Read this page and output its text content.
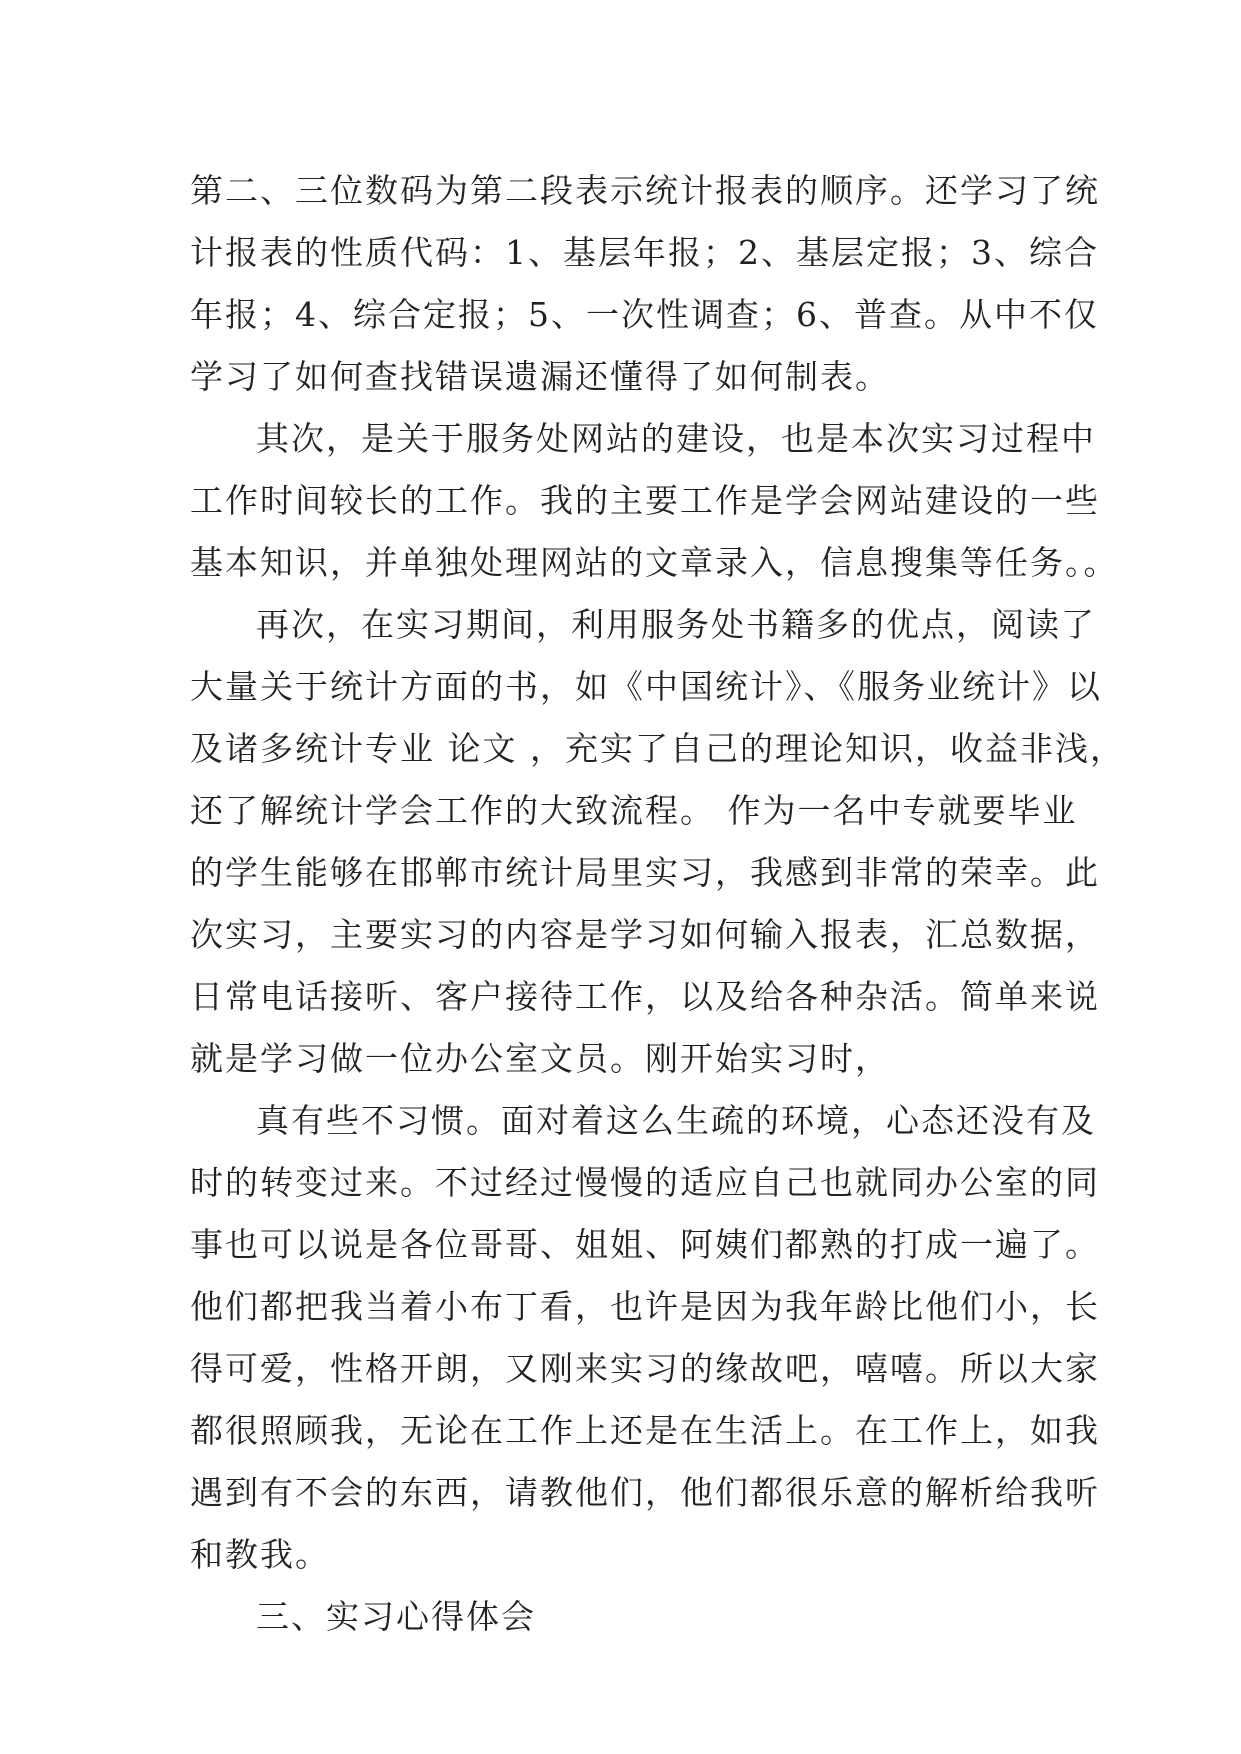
第二、三位数码为第二段表示统计报表的顺序。还学习了统
计报表的性质代码：1、基层年报；2、基层定报；3、综合
年报；4、综合定报；5、一次性调查；6、普查。从中不仅
学习了如何查找错误遗漏还懂得了如何制表。
其次，是关于服务处网站的建设，也是本次实习过程中
工作时间较长的工作。我的主要工作是学会网站建设的一些
基本知识，并单独处理网站的文章录入，信息搜集等任务。。
再次，在实习期间，利用服务处书籍多的优点，阅读了
大量关于统计方面的书，如《中国统计》、《服务业统计》以
及诸多统计专业 论文 ，充实了自己的理论知识，收益非浅，
还了解统计学会工作的大致流程。 作为一名中专就要毕业
的学生能够在邯郸市统计局里实习，我感到非常的荣幸。此
次实习，主要实习的内容是学习如何输入报表，汇总数据，
日常电话接听、客户接待工作，以及给各种杂活。简单来说
就是学习做一位办公室文员。刚开始实习时，
真有些不习惯。面对着这么生疏的环境，心态还没有及
时的转变过来。不过经过慢慢的适应自己也就同办公室的同
事也可以说是各位哥哥、姐姐、阿姨们都熟的打成一遍了。
他们都把我当着小布丁看，也许是因为我年龄比他们小，长
得可爱，性格开朗，又刚来实习的缘故吧，嘻嘻。所以大家
都很照顾我，无论在工作上还是在生活上。在工作上，如我
遇到有不会的东西，请教他们，他们都很乐意的解析给我听
和教我。
三、实习心得体会
